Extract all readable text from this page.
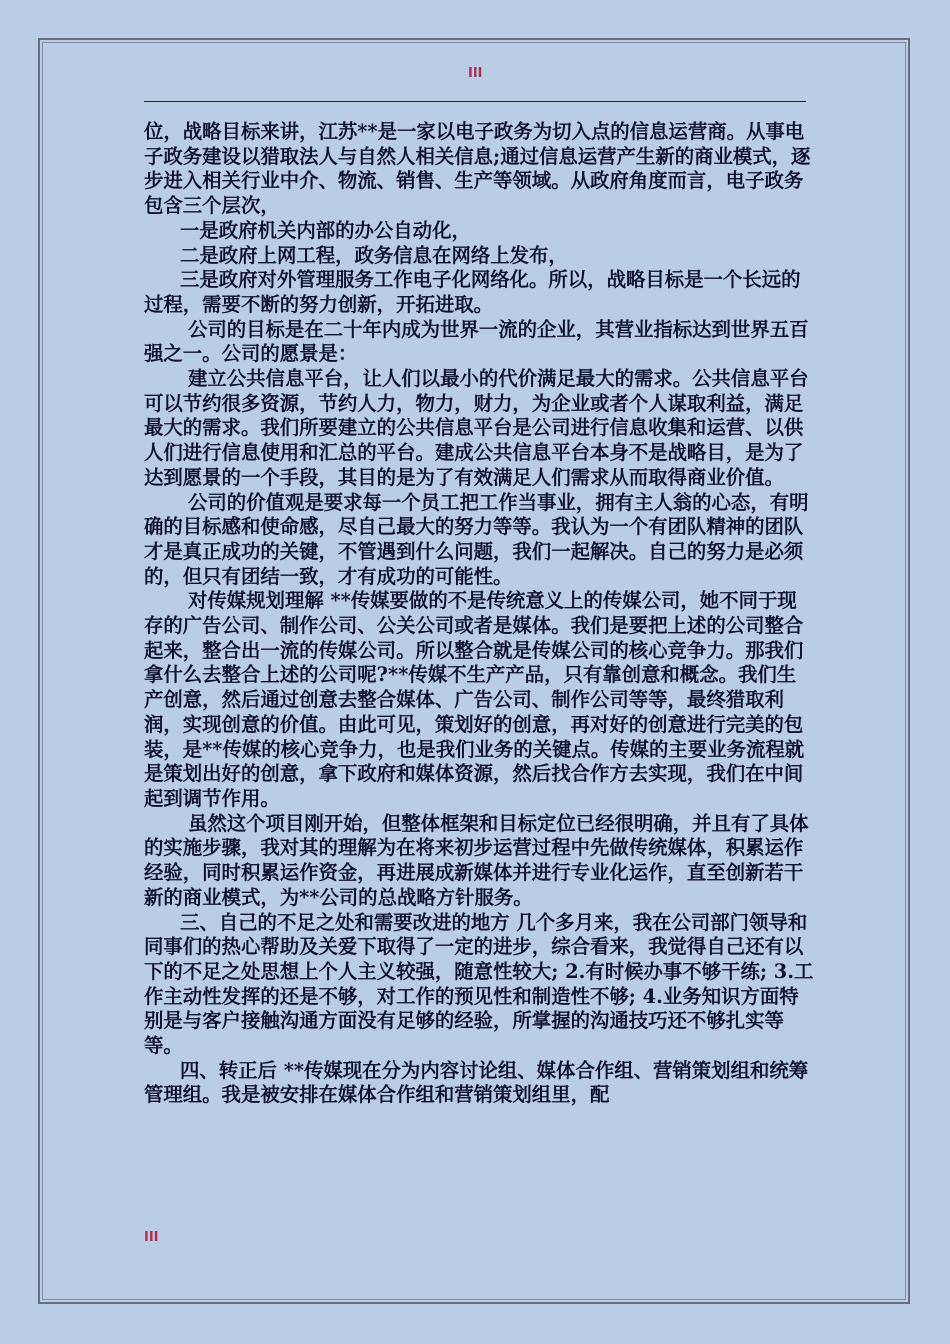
III

位，战略目标来讲，江苏**是一家以电子政务为切入点的信息运营商。从事电子政务建设以猎取法人与自然人相关信息;通过信息运营产生新的商业模式，逐步进入相关行业中介、物流、销售、生产等领域。从政府角度而言，电子政务包含三个层次，

一是政府机关内部的办公自动化，

二是政府上网工程，政务信息在网络上发布，

三是政府对外管理服务工作电子化网络化。所以，战略目标是一个长远的过程，需要不断的努力创新，开拓进取。

公司的目标是在二十年内成为世界一流的企业，其营业指标达到世界五百强之一。公司的愿景是：

建立公共信息平台，让人们以最小的代价满足最大的需求。公共信息平台可以节约很多资源，节约人力，物力，财力，为企业或者个人谋取利益，满足最大的需求。我们所要建立的公共信息平台是公司进行信息收集和运营、以供人们进行信息使用和汇总的平台。建成公共信息平台本身不是战略目，是为了达到愿景的一个手段，其目的是为了有效满足人们需求从而取得商业价值。

公司的价值观是要求每一个员工把工作当事业，拥有主人翁的心态，有明确的目标感和使命感，尽自己最大的努力等等。我认为一个有团队精神的团队才是真正成功的关键，不管遇到什么问题，我们一起解决。自己的努力是必须的，但只有团结一致，才有成功的可能性。

对传媒规划理解 **传媒要做的不是传统意义上的传媒公司，她不同于现存的广告公司、制作公司、公关公司或者是媒体。我们是要把上述的公司整合起来，整合出一流的传媒公司。所以整合就是传媒公司的核心竞争力。那我们拿什么去整合上述的公司呢?**传媒不生产产品，只有靠创意和概念。我们生产创意，然后通过创意去整合媒体、广告公司、制作公司等等，最终猎取利润，实现创意的价值。由此可见，策划好的创意，再对好的创意进行完美的包装，是**传媒的核心竞争力，也是我们业务的关键点。传媒的主要业务流程就是策划出好的创意，拿下政府和媒体资源，然后找合作方去实现，我们在中间起到调节作用。

虽然这个项目刚开始，但整体框架和目标定位已经很明确，并且有了具体的实施步骤，我对其的理解为在将来初步运营过程中先做传统媒体，积累运作经验，同时积累运作资金，再进展成新媒体并进行专业化运作，直至创新若干新的商业模式，为**公司的总战略方针服务。

三、自己的不足之处和需要改进的地方 几个多月来，我在公司部门领导和同事们的热心帮助及关爱下取得了一定的进步，综合看来，我觉得自己还有以下的不足之处思想上个人主义较强，随意性较大; 2.有时候办事不够干练; 3.工作主动性发挥的还是不够，对工作的预见性和制造性不够; 4.业务知识方面特别是与客户接触沟通方面没有足够的经验，所掌握的沟通技巧还不够扎实等等。

四、转正后 **传媒现在分为内容讨论组、媒体合作组、营销策划组和统筹管理组。我是被安排在媒体合作组和营销策划组里，配

III
